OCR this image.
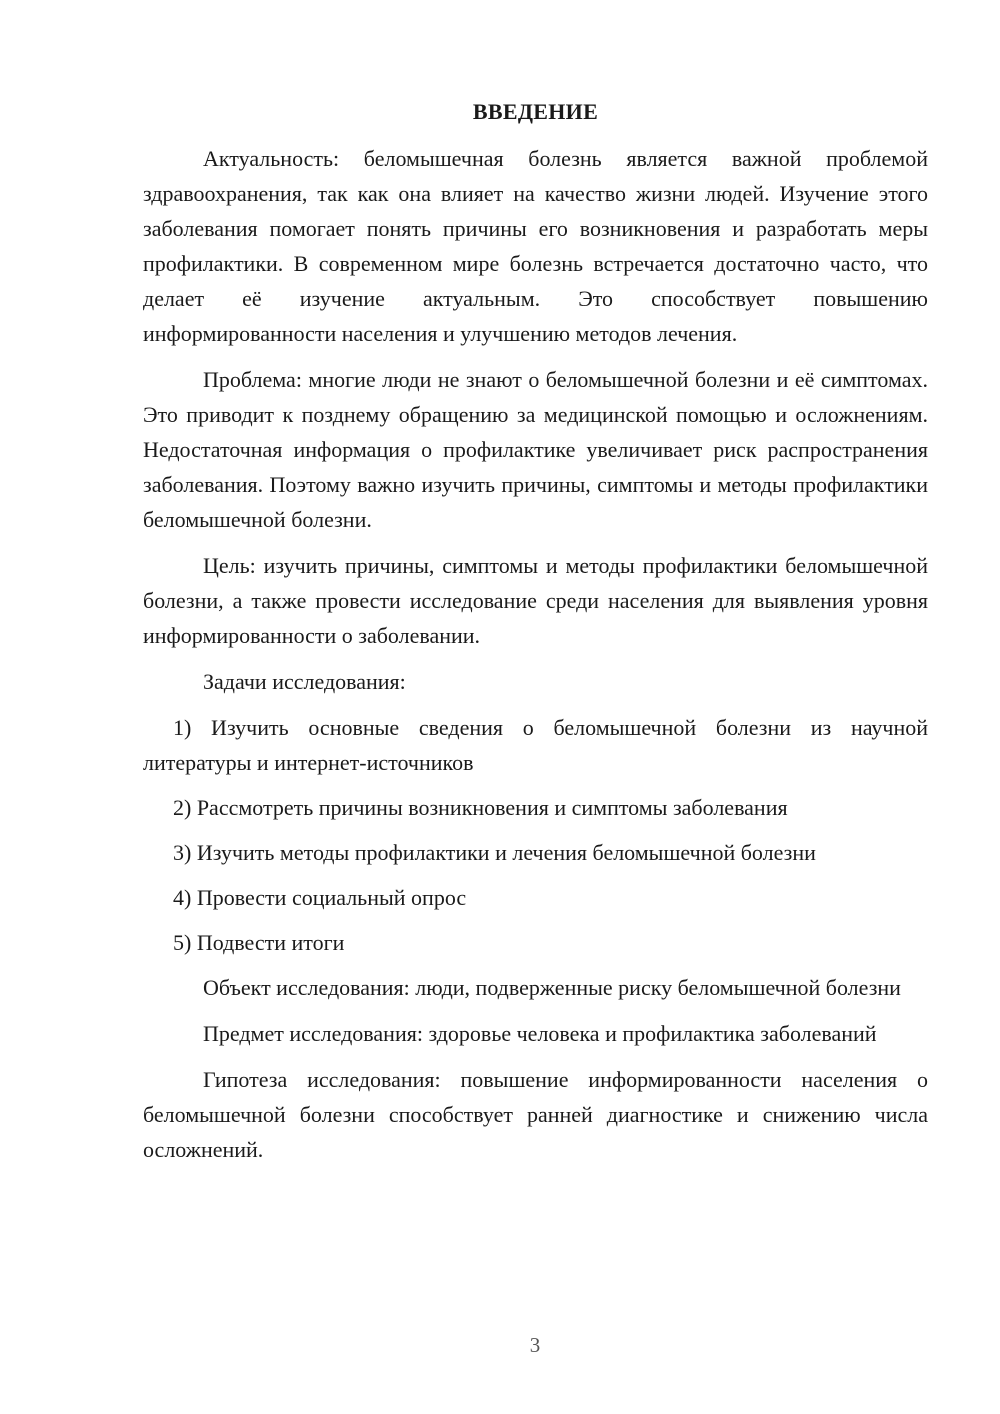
ВВЕДЕНИЕ

Актуальность: беломышечная болезнь является важной проблемой здравоохранения, так как она влияет на качество жизни людей. Изучение этого заболевания помогает понять причины его возникновения и разработать меры профилактики. В современном мире болезнь встречается достаточно часто, что делает её изучение актуальным. Это способствует повышению информированности населения и улучшению методов лечения.

Проблема: многие люди не знают о беломышечной болезни и её симптомах. Это приводит к позднему обращению за медицинской помощью и осложнениям. Недостаточная информация о профилактике увеличивает риск распространения заболевания. Поэтому важно изучить причины, симптомы и методы профилактики беломышечной болезни.

Цель: изучить причины, симптомы и методы профилактики беломышечной болезни, а также провести исследование среди населения для выявления уровня информированности о заболевании.

Задачи исследования:

1) Изучить основные сведения о беломышечной болезни из научной литературы и интернет-источников

2) Рассмотреть причины возникновения и симптомы заболевания

3) Изучить методы профилактики и лечения беломышечной болезни

4) Провести социальный опрос

5) Подвести итоги

Объект исследования: люди, подверженные риску беломышечной болезни

Предмет исследования: здоровье человека и профилактика заболеваний

Гипотеза исследования: повышение информированности населения о беломышечной болезни способствует ранней диагностике и снижению числа осложнений.

3
